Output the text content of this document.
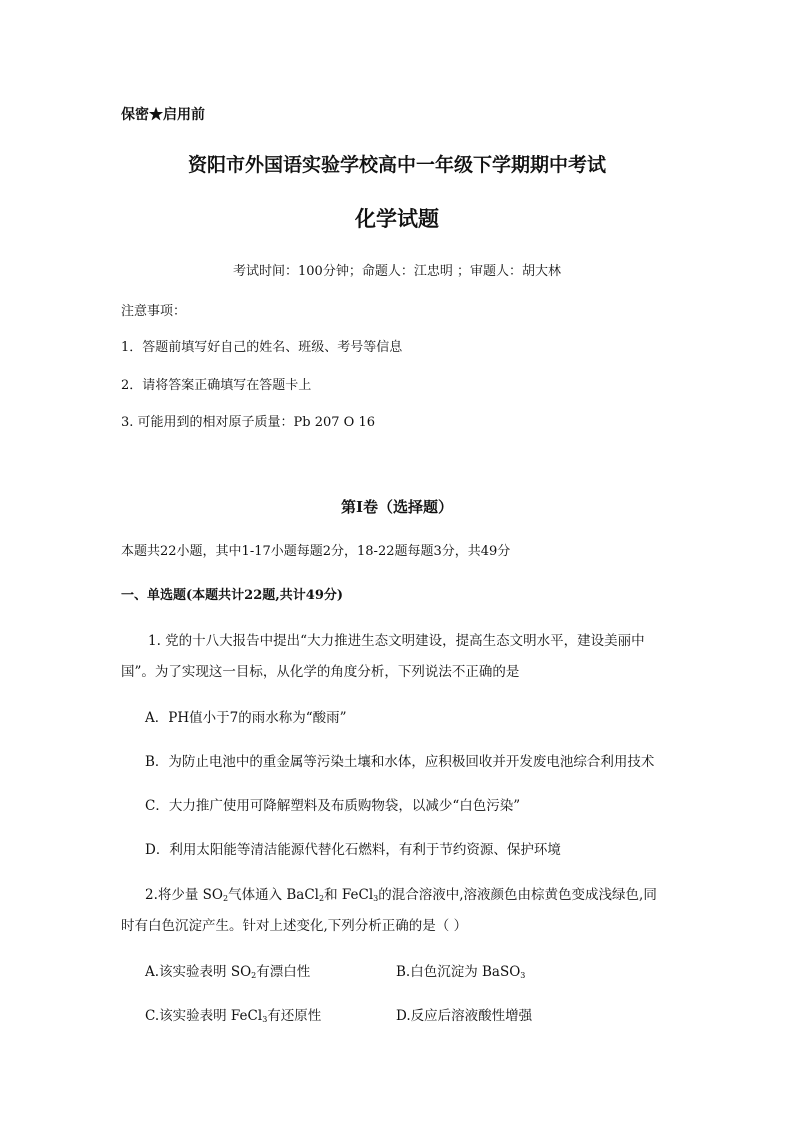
保密★启用前
资阳市外国语实验学校高中一年级下学期期中考试
化学试题
考试时间：100分钟；命题人：江忠明 ；审题人：胡大林
注意事项：
1．答题前填写好自己的姓名、班级、考号等信息
2．请将答案正确填写在答题卡上
3. 可能用到的相对原子质量：Pb 207 O 16
第Ⅰ卷（选择题）
本题共22小题，其中1-17小题每题2分，18-22题每题3分，共49分
一、单选题(本题共计22题,共计49分)
1. 党的十八大报告中提出“大力推进生态文明建设，提高生态文明水平，建设美丽中
国”。为了实现这一目标，从化学的角度分析，下列说法不正确的是
A．PH值小于7的雨水称为“酸雨”
B．为防止电池中的重金属等污染土壤和水体，应积极回收并开发废电池综合利用技术
C．大力推广使用可降解塑料及布质购物袋，以减少“白色污染”
D．利用太阳能等清洁能源代替化石燃料，有利于节约资源、保护环境
2.将少量 $SO_2$气体通入 BaCl$_2$和 FeCl$_3$的混合溶液中,溶液颜色由棕黄色变成浅绿色,同
时有白色沉淀产生。针对上述变化,下列分析正确的是（ ）
A.该实验表明 $SO_2$有漂白性	B.白色沉淀为 BaSO$_3$
C.该实验表明 FeCl$_3$有还原性	D.反应后溶液酸性增强
